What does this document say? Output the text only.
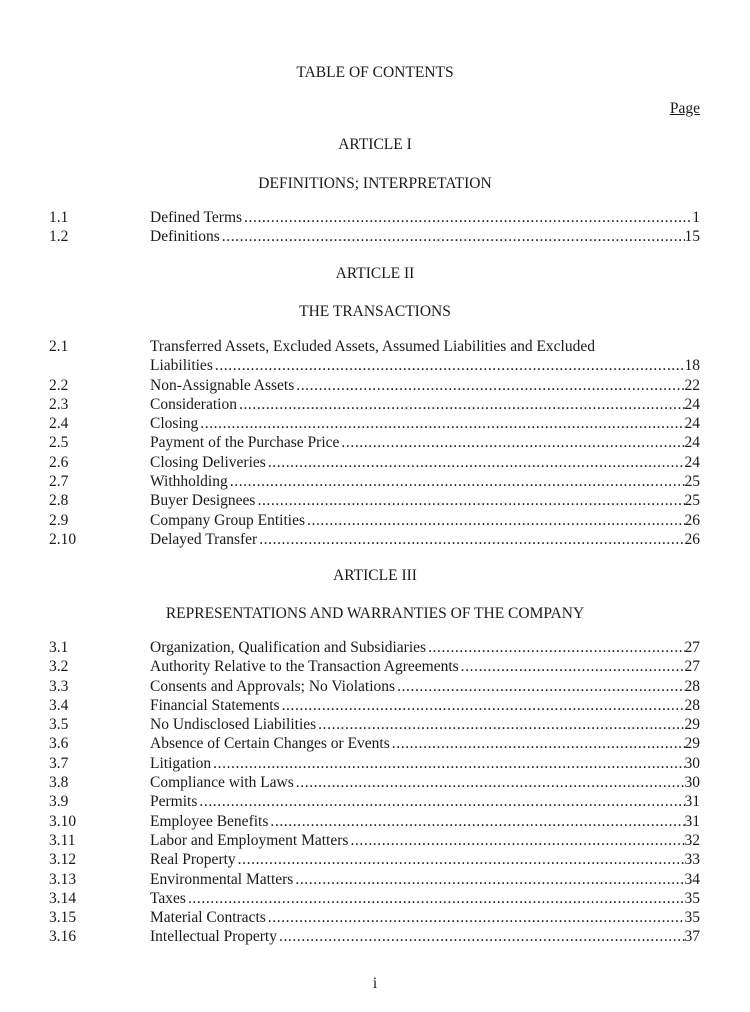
TABLE OF CONTENTS
Page
ARTICLE I
DEFINITIONS; INTERPRETATION
1.1	Defined Terms .....	1
1.2	Definitions .....	15
ARTICLE II
THE TRANSACTIONS
2.1	Transferred Assets, Excluded Assets, Assumed Liabilities and Excluded
Liabilities .....	18
2.2	Non-Assignable Assets .....	22
2.3	Consideration .....	24
2.4	Closing .....	24
2.5	Payment of the Purchase Price .....	24
2.6	Closing Deliveries .....	24
2.7	Withholding .....	25
2.8	Buyer Designees .....	25
2.9	Company Group Entities .....	26
2.10	Delayed Transfer .....	26
ARTICLE III
REPRESENTATIONS AND WARRANTIES OF THE COMPANY
3.1	Organization, Qualification and Subsidiaries .....	27
3.2	Authority Relative to the Transaction Agreements .....	27
3.3	Consents and Approvals; No Violations .....	28
3.4	Financial Statements .....	28
3.5	No Undisclosed Liabilities .....	29
3.6	Absence of Certain Changes or Events .....	29
3.7	Litigation .....	30
3.8	Compliance with Laws .....	30
3.9	Permits .....	31
3.10	Employee Benefits .....	31
3.11	Labor and Employment Matters .....	32
3.12	Real Property .....	33
3.13	Environmental Matters .....	34
3.14	Taxes .....	35
3.15	Material Contracts .....	35
3.16	Intellectual Property .....	37
i
